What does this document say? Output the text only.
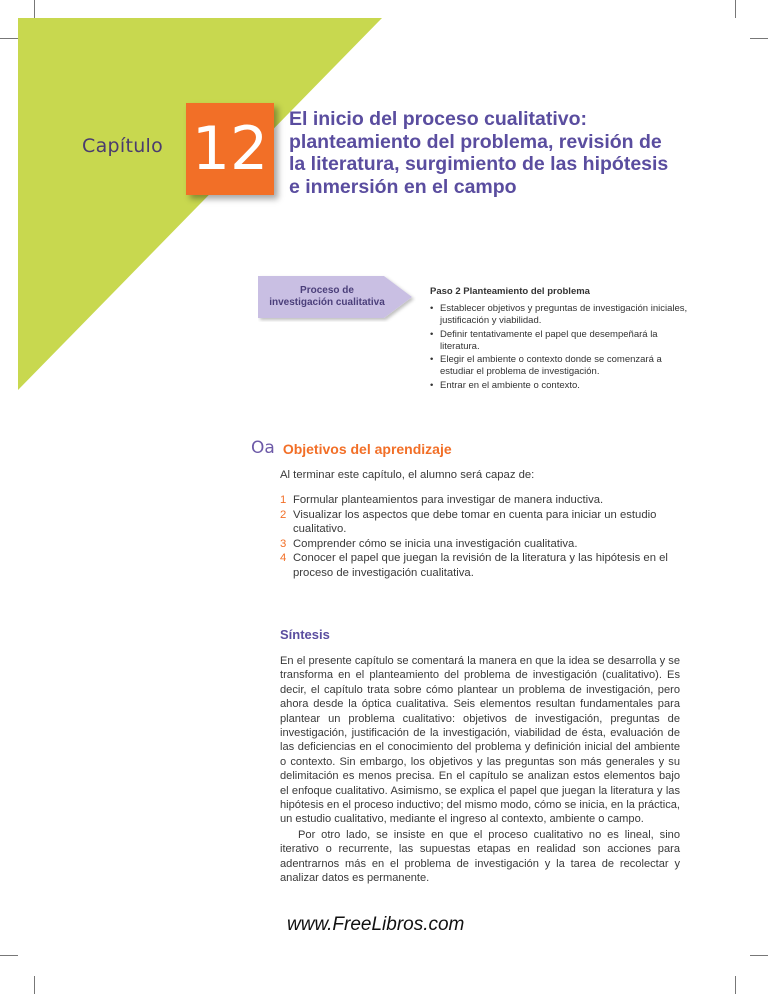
Capítulo 12 El inicio del proceso cualitativo: planteamiento del problema, revisión de la literatura, surgimiento de las hipótesis e inmersión en el campo
Proceso de investigación cualitativa
Paso 2 Planteamiento del problema
• Establecer objetivos y preguntas de investigación iniciales, justificación y viabilidad.
• Definir tentativamente el papel que desempeñará la literatura.
• Elegir el ambiente o contexto donde se comenzará a estudiar el problema de investigación.
• Entrar en el ambiente o contexto.
Oa Objetivos del aprendizaje
Al terminar este capítulo, el alumno será capaz de:
1 Formular planteamientos para investigar de manera inductiva.
2 Visualizar los aspectos que debe tomar en cuenta para iniciar un estudio cualitativo.
3 Comprender cómo se inicia una investigación cualitativa.
4 Conocer el papel que juegan la revisión de la literatura y las hipótesis en el proceso de investigación cualitativa.
Síntesis

En el presente capítulo se comentará la manera en que la idea se desarrolla y se transforma en el planteamiento del problema de investigación (cualitativo). Es decir, el capítulo trata sobre cómo plantear un problema de investigación, pero ahora desde la óptica cualitativa. Seis elementos resultan fundamentales para plantear un problema cualitativo: objetivos de investigación, preguntas de investigación, justificación de la investigación, viabilidad de ésta, evaluación de las deficiencias en el conocimiento del problema y definición inicial del ambiente o contexto. Sin embargo, los objetivos y las preguntas son más generales y su delimitación es menos precisa. En el capítulo se analizan estos elementos bajo el enfoque cualitativo. Asimismo, se explica el papel que juegan la literatura y las hipótesis en el proceso inductivo; del mismo modo, cómo se inicia, en la práctica, un estudio cualitativo, mediante el ingreso al contexto, ambiente o campo.

Por otro lado, se insiste en que el proceso cualitativo no es lineal, sino iterativo o recurrente, las supuestas etapas en realidad son acciones para adentrarnos más en el problema de investigación y la tarea de recolectar y analizar datos es permanente.

www.FreeLibros.com
